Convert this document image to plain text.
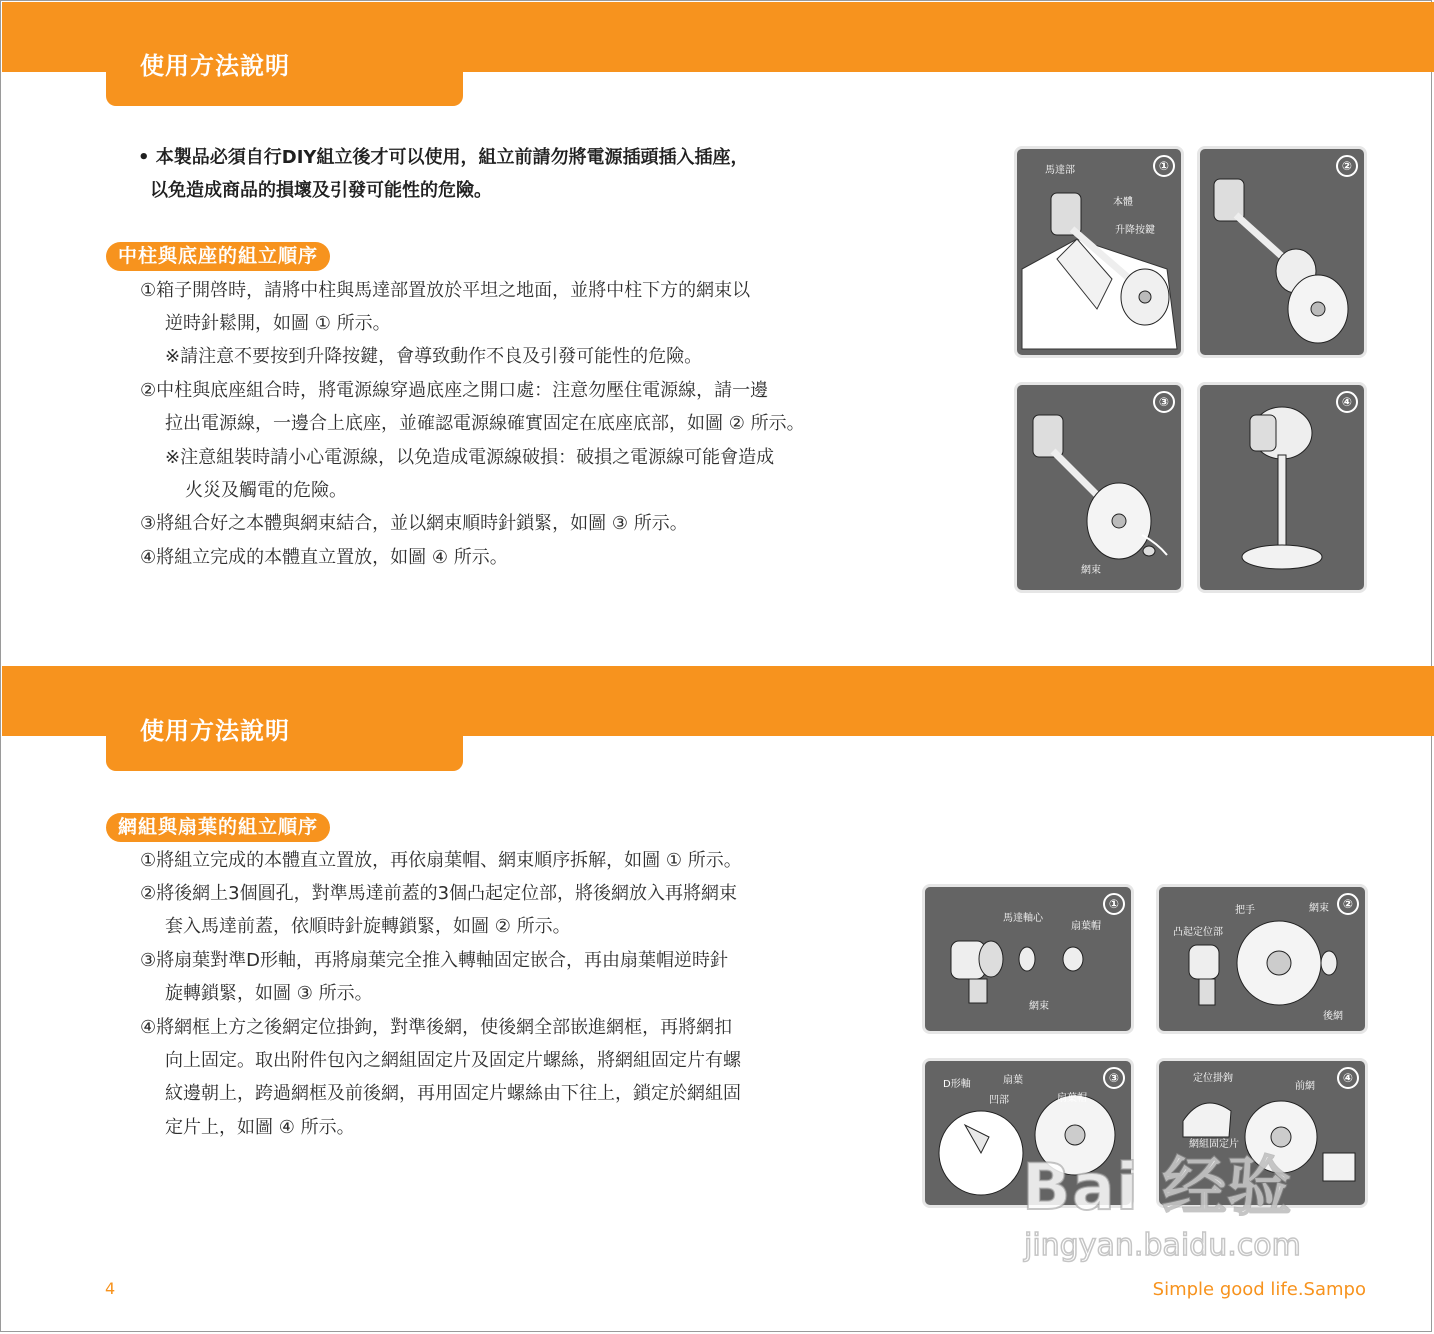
使用方法說明
• 本製品必須自行DIY組立後才可以使用，組立前請勿將電源插頭插入插座，
以免造成商品的損壞及引發可能性的危險。
中柱與底座的組立順序
①箱子開啓時，請將中柱與馬達部置放於平坦之地面，並將中柱下方的網束以
逆時針鬆開，如圖 ① 所示。
※請注意不要按到升降按鍵，會導致動作不良及引發可能性的危險。
②中柱與底座組合時，將電源線穿過底座之開口處：注意勿壓住電源線，請一邊
拉出電源線，一邊合上底座，並確認電源線確實固定在底座底部，如圖 ② 所示。
※注意組裝時請小心電源線，以免造成電源線破損：破損之電源線可能會造成
火災及觸電的危險。
③將組合好之本體與網束結合，並以網束順時針鎖緊，如圖 ③ 所示。
④將組立完成的本體直立置放，如圖 ④ 所示。
馬達部
本體
升降按鍵
網束
①	②
網束
③	④
使用方法說明
網組與扇葉的組立順序
①將組立完成的本體直立置放，再依扇葉帽、網束順序拆解，如圖 ① 所示。
②將後網上3個圓孔，對準馬達前蓋的3個凸起定位部，將後網放入再將網束
套入馬達前蓋，依順時針旋轉鎖緊，如圖 ② 所示。
③將扇葉對準D形軸，再將扇葉完全推入轉軸固定嵌合，再由扇葉帽逆時針
旋轉鎖緊，如圖 ③ 所示。
④將網框上方之後網定位掛鉤，對準後網，使後網全部嵌進網框，再將網扣
向上固定。取出附件包內之網組固定片及固定片螺絲，將網組固定片有螺
紋邊朝上，跨過網框及前後網，再用固定片螺絲由下往上，鎖定於網組固
定片上，如圖 ④ 所示。
馬達軸心
扇葉帽
網束
①	把手	網束
凸起定位部
後網
②
D形軸	扇葉
凹部	扇葉帽
③	定位掛鉤
前網
網組固定片
④
Bai 经验
jingyan.baidu.com
4	Simple good life.Sampo
